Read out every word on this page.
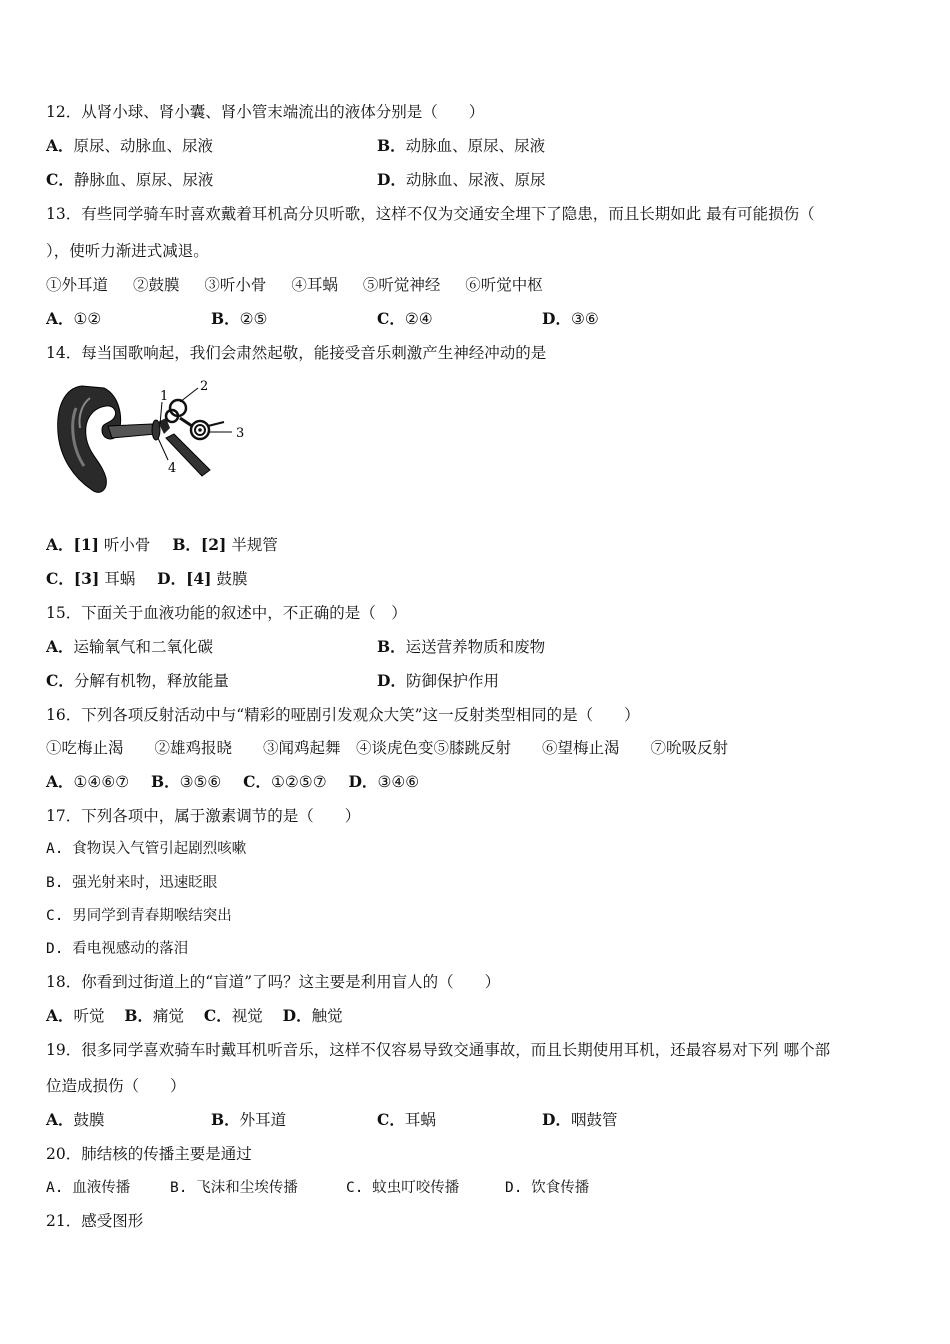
12．从肾小球、肾小囊、肾小管末端流出的液体分别是（　　）
A．原尿、动脉血、尿液	B．动脉血、原尿、尿液
C．静脉血、原尿、尿液	D．动脉血、尿液、原尿
13．有些同学骑车时喜欢戴着耳机高分贝听歌，这样不仅为交通安全埋下了隐患，而且长期如此 最有可能损伤（
），使听力渐进式减退。
①外耳道 ②鼓膜 ③听小骨 ④耳蜗 ⑤听觉神经 ⑥听觉中枢
A．①②	B．②⑤	C．②④	D．③⑥
14．每当国歌响起，我们会肃然起敬，能接受音乐刺激产生神经冲动的是
1
2
3
4
A．[1] 听小骨 B．[2] 半规管
C．[3] 耳蜗 D．[4] 鼓膜
15．下面关于血液功能的叙述中，不正确的是（　）
A．运输氧气和二氧化碳	B．运送营养物质和废物
C．分解有机物，释放能量	D．防御保护作用
16．下列各项反射活动中与“精彩的哑剧引发观众大笑”这一反射类型相同的是（　　）
①吃梅止渴　　②雄鸡报晓　　③闻鸡起舞　④谈虎色变⑤膝跳反射　　⑥望梅止渴　　⑦吮吸反射
A．①④⑥⑦ B．③⑤⑥ C．①②⑤⑦ D．③④⑥
17．下列各项中，属于激素调节的是（　　）
A. 食物误入气管引起剧烈咳嗽
B. 强光射来时，迅速眨眼
C. 男同学到青春期喉结突出
D. 看电视感动的落泪
18．你看到过街道上的“盲道”了吗？这主要是利用盲人的（　　）
A．听觉 B．痛觉 C．视觉 D．触觉
19．很多同学喜欢骑车时戴耳机听音乐，这样不仅容易导致交通事故，而且长期使用耳机，还最容易对下列 哪个部
位造成损伤（　　）
A．鼓膜	B．外耳道	C．耳蜗	D．咽鼓管
20．肺结核的传播主要是通过
A. 血液传播	B. 飞沫和尘埃传播	C. 蚊虫叮咬传播	D. 饮食传播
21．感受图形
